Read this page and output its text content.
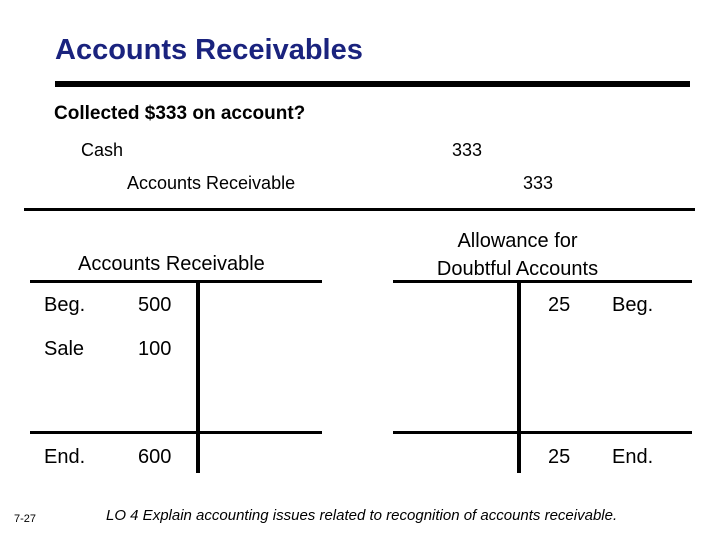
Accounts Receivables
Collected $333 on account?
Cash	333
Accounts Receivable	333
Accounts Receivable
Beg.	500
Sale	100
End.	600
Allowance for
Doubtful Accounts
25 Beg.
25 End.
7-27	LO 4 Explain accounting issues related to recognition of accounts receivable.
